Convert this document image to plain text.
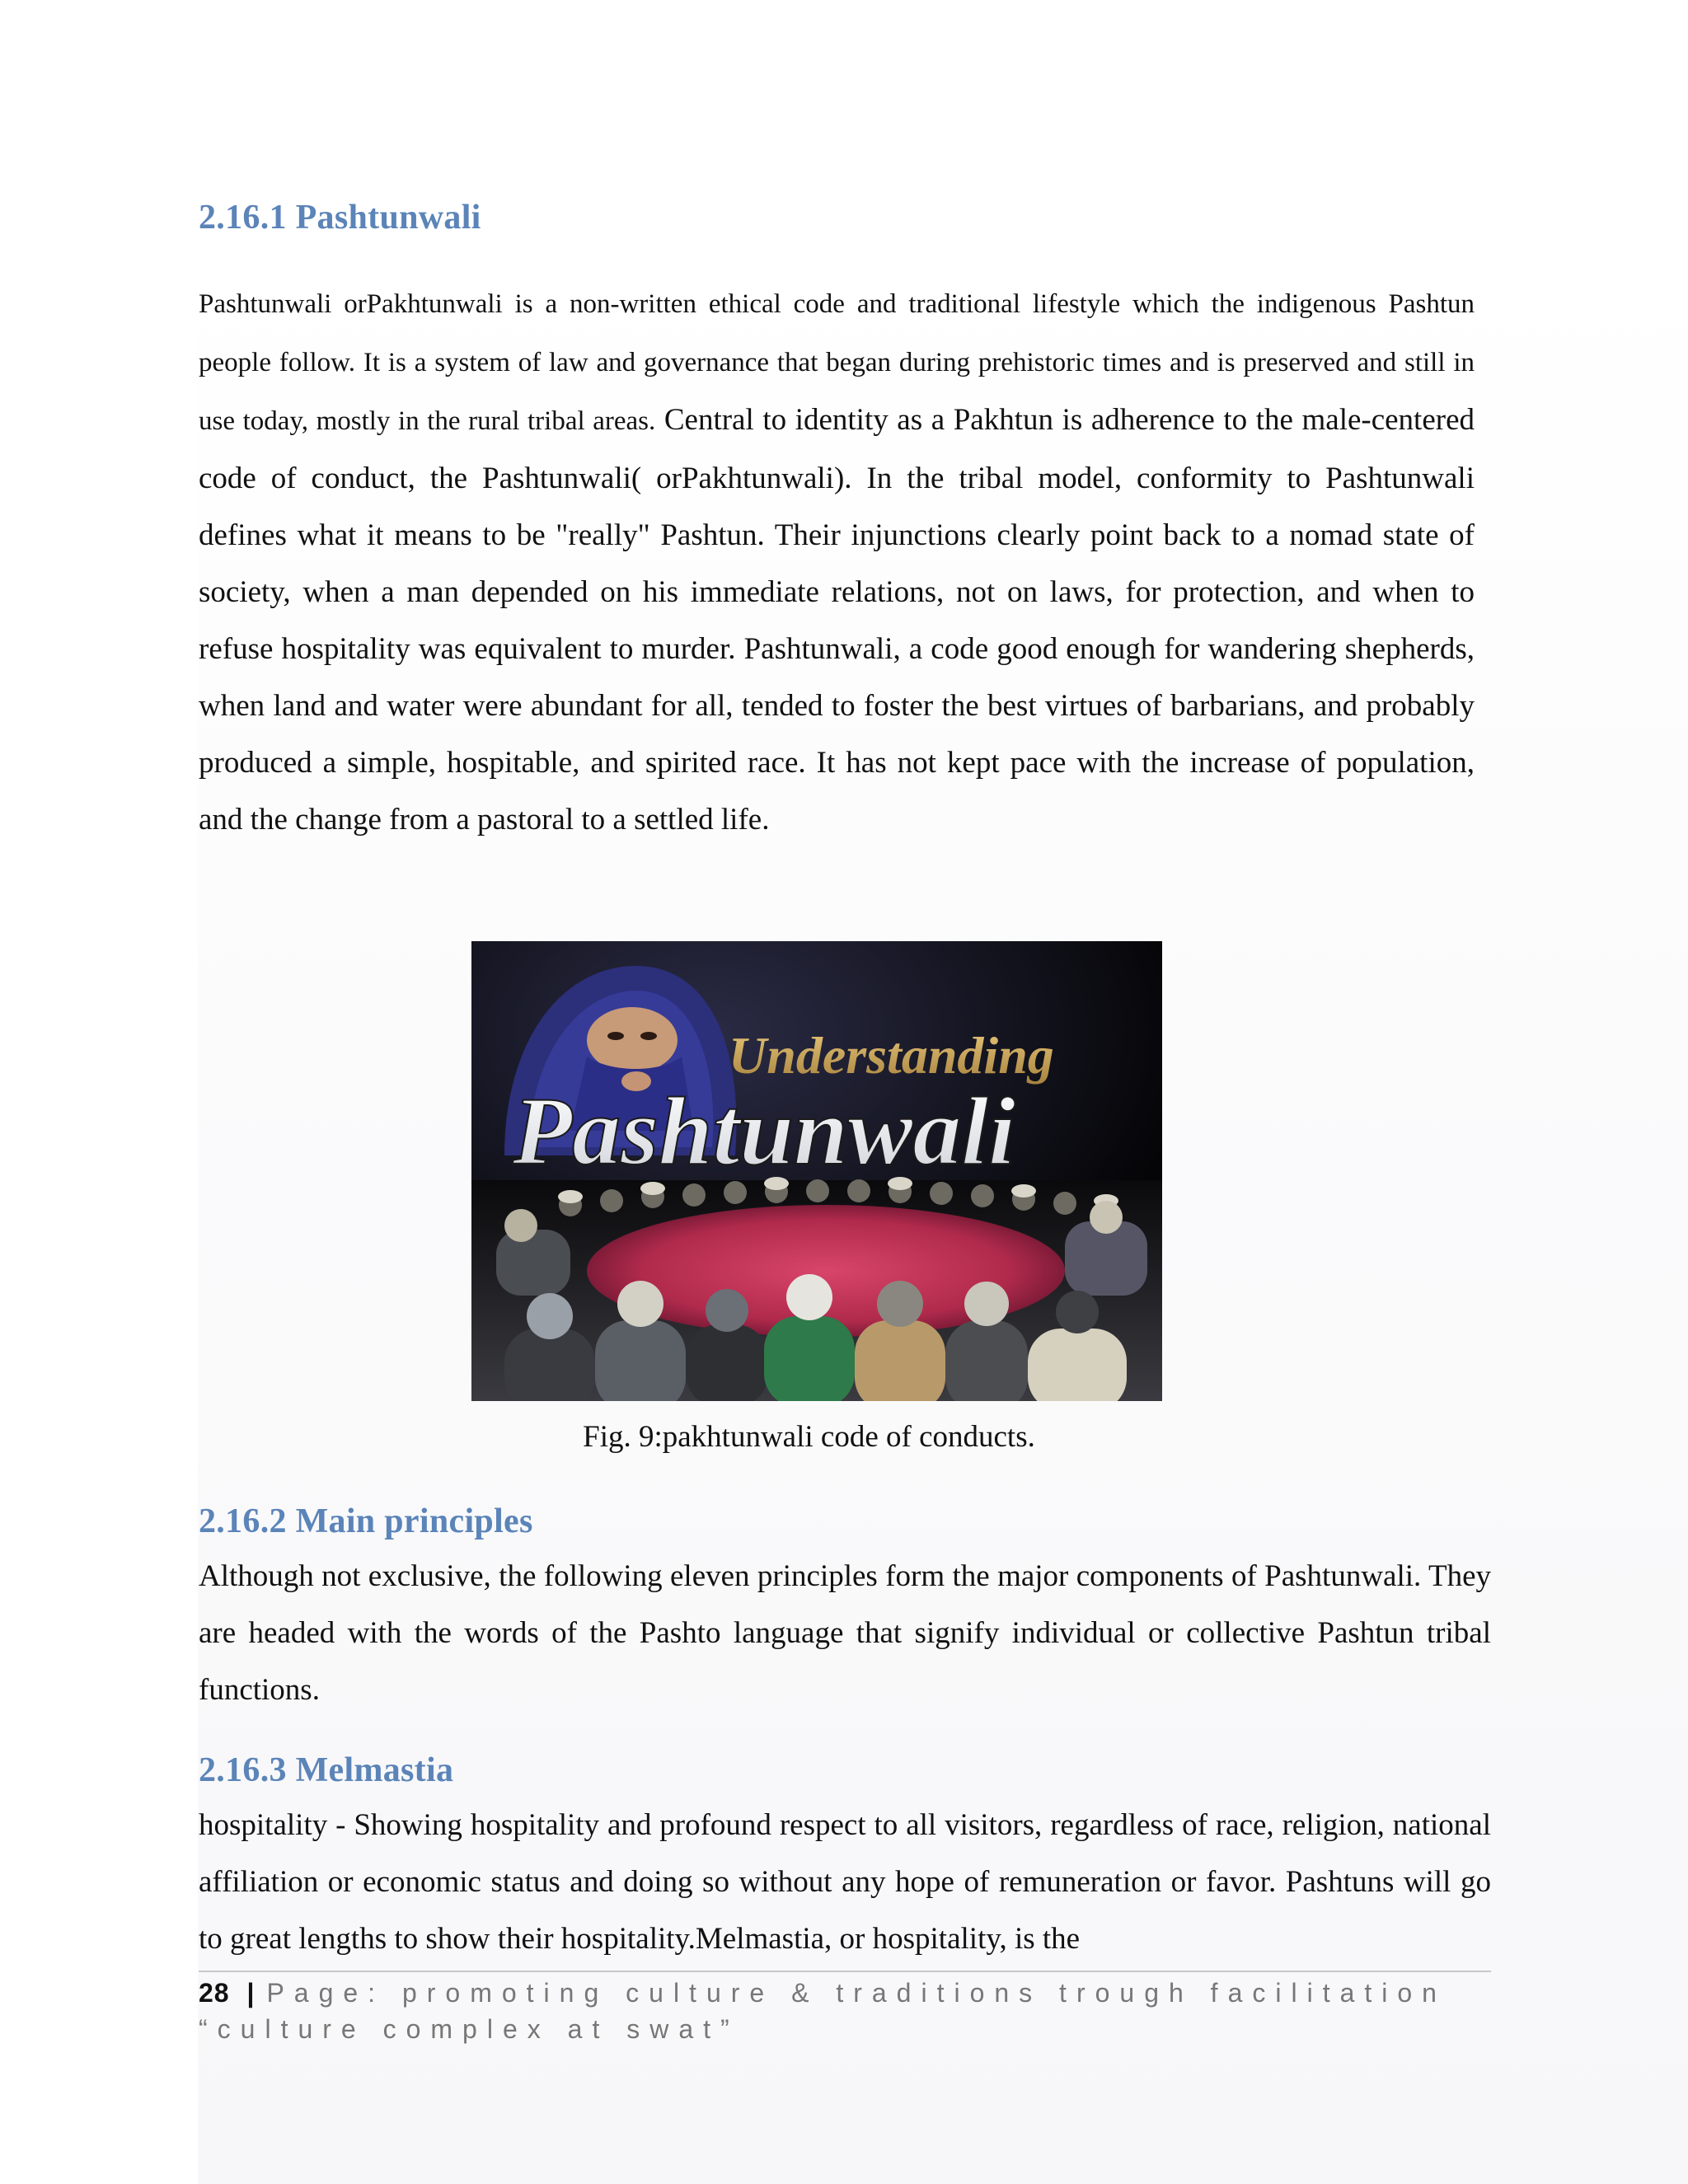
2.16.1 Pashtunwali

Pashtunwali orPakhtunwali is a non-written ethical code and traditional lifestyle which the indigenous Pashtun people follow. It is a system of law and governance that began during prehistoric times and is preserved and still in use today, mostly in the rural tribal areas. Central to identity as a Pakhtun is adherence to the male-centered code of conduct, the Pashtunwali( orPakhtunwali). In the tribal model, conformity to Pashtunwali defines what it means to be "really" Pashtun. Their injunctions clearly point back to a nomad state of society, when a man depended on his immediate relations, not on laws, for protection, and when to refuse hospitality was equivalent to murder. Pashtunwali, a code good enough for wandering shepherds, when land and water were abundant for all, tended to foster the best virtues of barbarians, and probably produced a simple, hospitable, and spirited race. It has not kept pace with the increase of population, and the change from a pastoral to a settled life.

Understanding
Pashtunwali
Fig. 9:pakhtunwali code of conducts.
2.16.2 Main principles

Although not exclusive, the following eleven principles form the major components of Pashtunwali. They are headed with the words of the Pashto language that signify individual or collective Pashtun tribal functions.

2.16.3 Melmastia

hospitality - Showing hospitality and profound respect to all visitors, regardless of race, religion, national affiliation or economic status and doing so without any hope of remuneration or favor. Pashtuns will go to great lengths to show their hospitality.Melmastia, or hospitality, is the

28 | Page: promoting culture & traditions trough facilitation “culture complex at swat”
